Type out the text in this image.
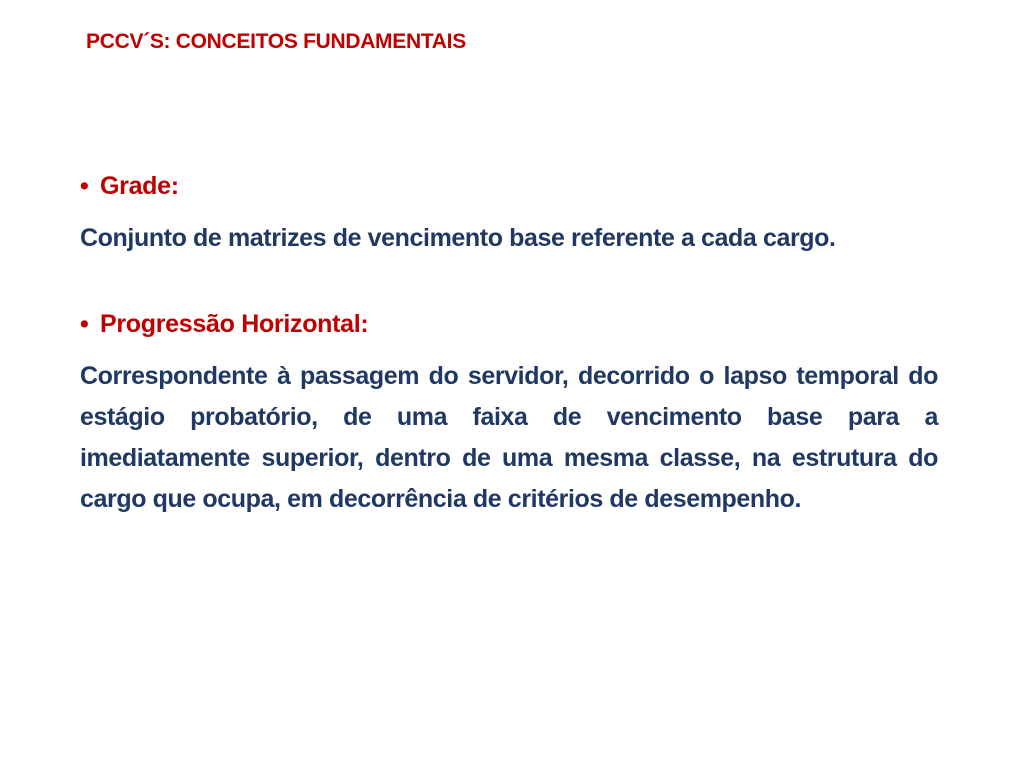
PCCV´S: CONCEITOS FUNDAMENTAIS

• Grade:

Conjunto de matrizes de vencimento base referente a cada cargo.

• Progressão Horizontal:

Correspondente à passagem do servidor, decorrido o lapso temporal do estágio probatório, de uma faixa de vencimento base para a imediatamente superior, dentro de uma mesma classe, na estrutura do cargo que ocupa, em decorrência de critérios de desempenho.
